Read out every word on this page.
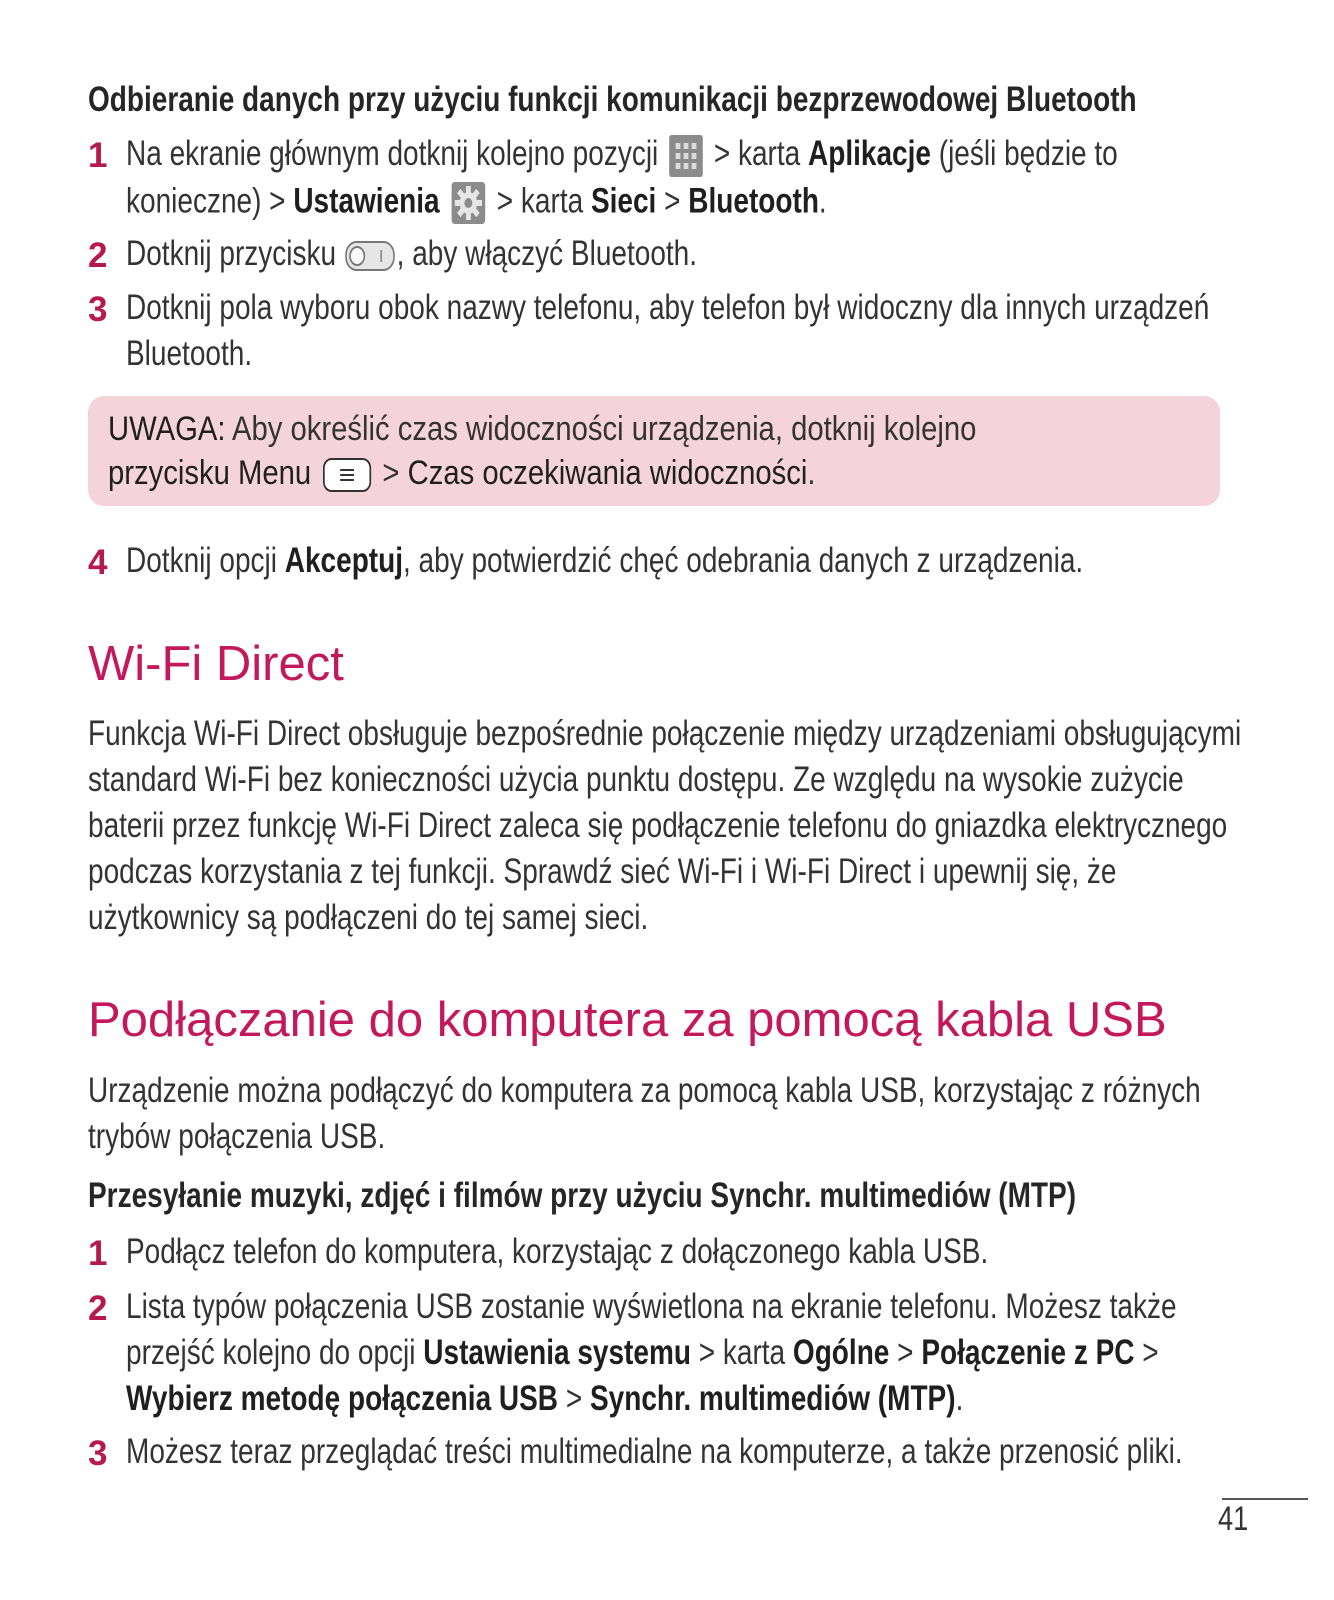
Odbieranie danych przy użyciu funkcji komunikacji bezprzewodowej Bluetooth
1 Na ekranie głównym dotknij kolejno pozycji > karta Aplikacje (jeśli będzie to
konieczne) > Ustawienia > karta Sieci > Bluetooth.
2 Dotknij przycisku , aby włączyć Bluetooth.
3 Dotknij pola wyboru obok nazwy telefonu, aby telefon był widoczny dla innych urządzeń
Bluetooth.
UWAGA: Aby określić czas widoczności urządzenia, dotknij kolejno
przycisku Menu > Czas oczekiwania widoczności.
4 Dotknij opcji Akceptuj, aby potwierdzić chęć odebrania danych z urządzenia.
Wi-Fi Direct
Funkcja Wi-Fi Direct obsługuje bezpośrednie połączenie między urządzeniami obsługującymi
standard Wi-Fi bez konieczności użycia punktu dostępu. Ze względu na wysokie zużycie
baterii przez funkcję Wi-Fi Direct zaleca się podłączenie telefonu do gniazdka elektrycznego
podczas korzystania z tej funkcji. Sprawdź sieć Wi-Fi i Wi-Fi Direct i upewnij się, że
użytkownicy są podłączeni do tej samej sieci.
Podłączanie do komputera za pomocą kabla USB
Urządzenie można podłączyć do komputera za pomocą kabla USB, korzystając z różnych
trybów połączenia USB.
Przesyłanie muzyki, zdjęć i filmów przy użyciu Synchr. multimediów (MTP)
1 Podłącz telefon do komputera, korzystając z dołączonego kabla USB.
2 Lista typów połączenia USB zostanie wyświetlona na ekranie telefonu. Możesz także
przejść kolejno do opcji Ustawienia systemu > karta Ogólne > Połączenie z PC >
Wybierz metodę połączenia USB > Synchr. multimediów (MTP).
3 Możesz teraz przeglądać treści multimedialne na komputerze, a także przenosić pliki.
41
